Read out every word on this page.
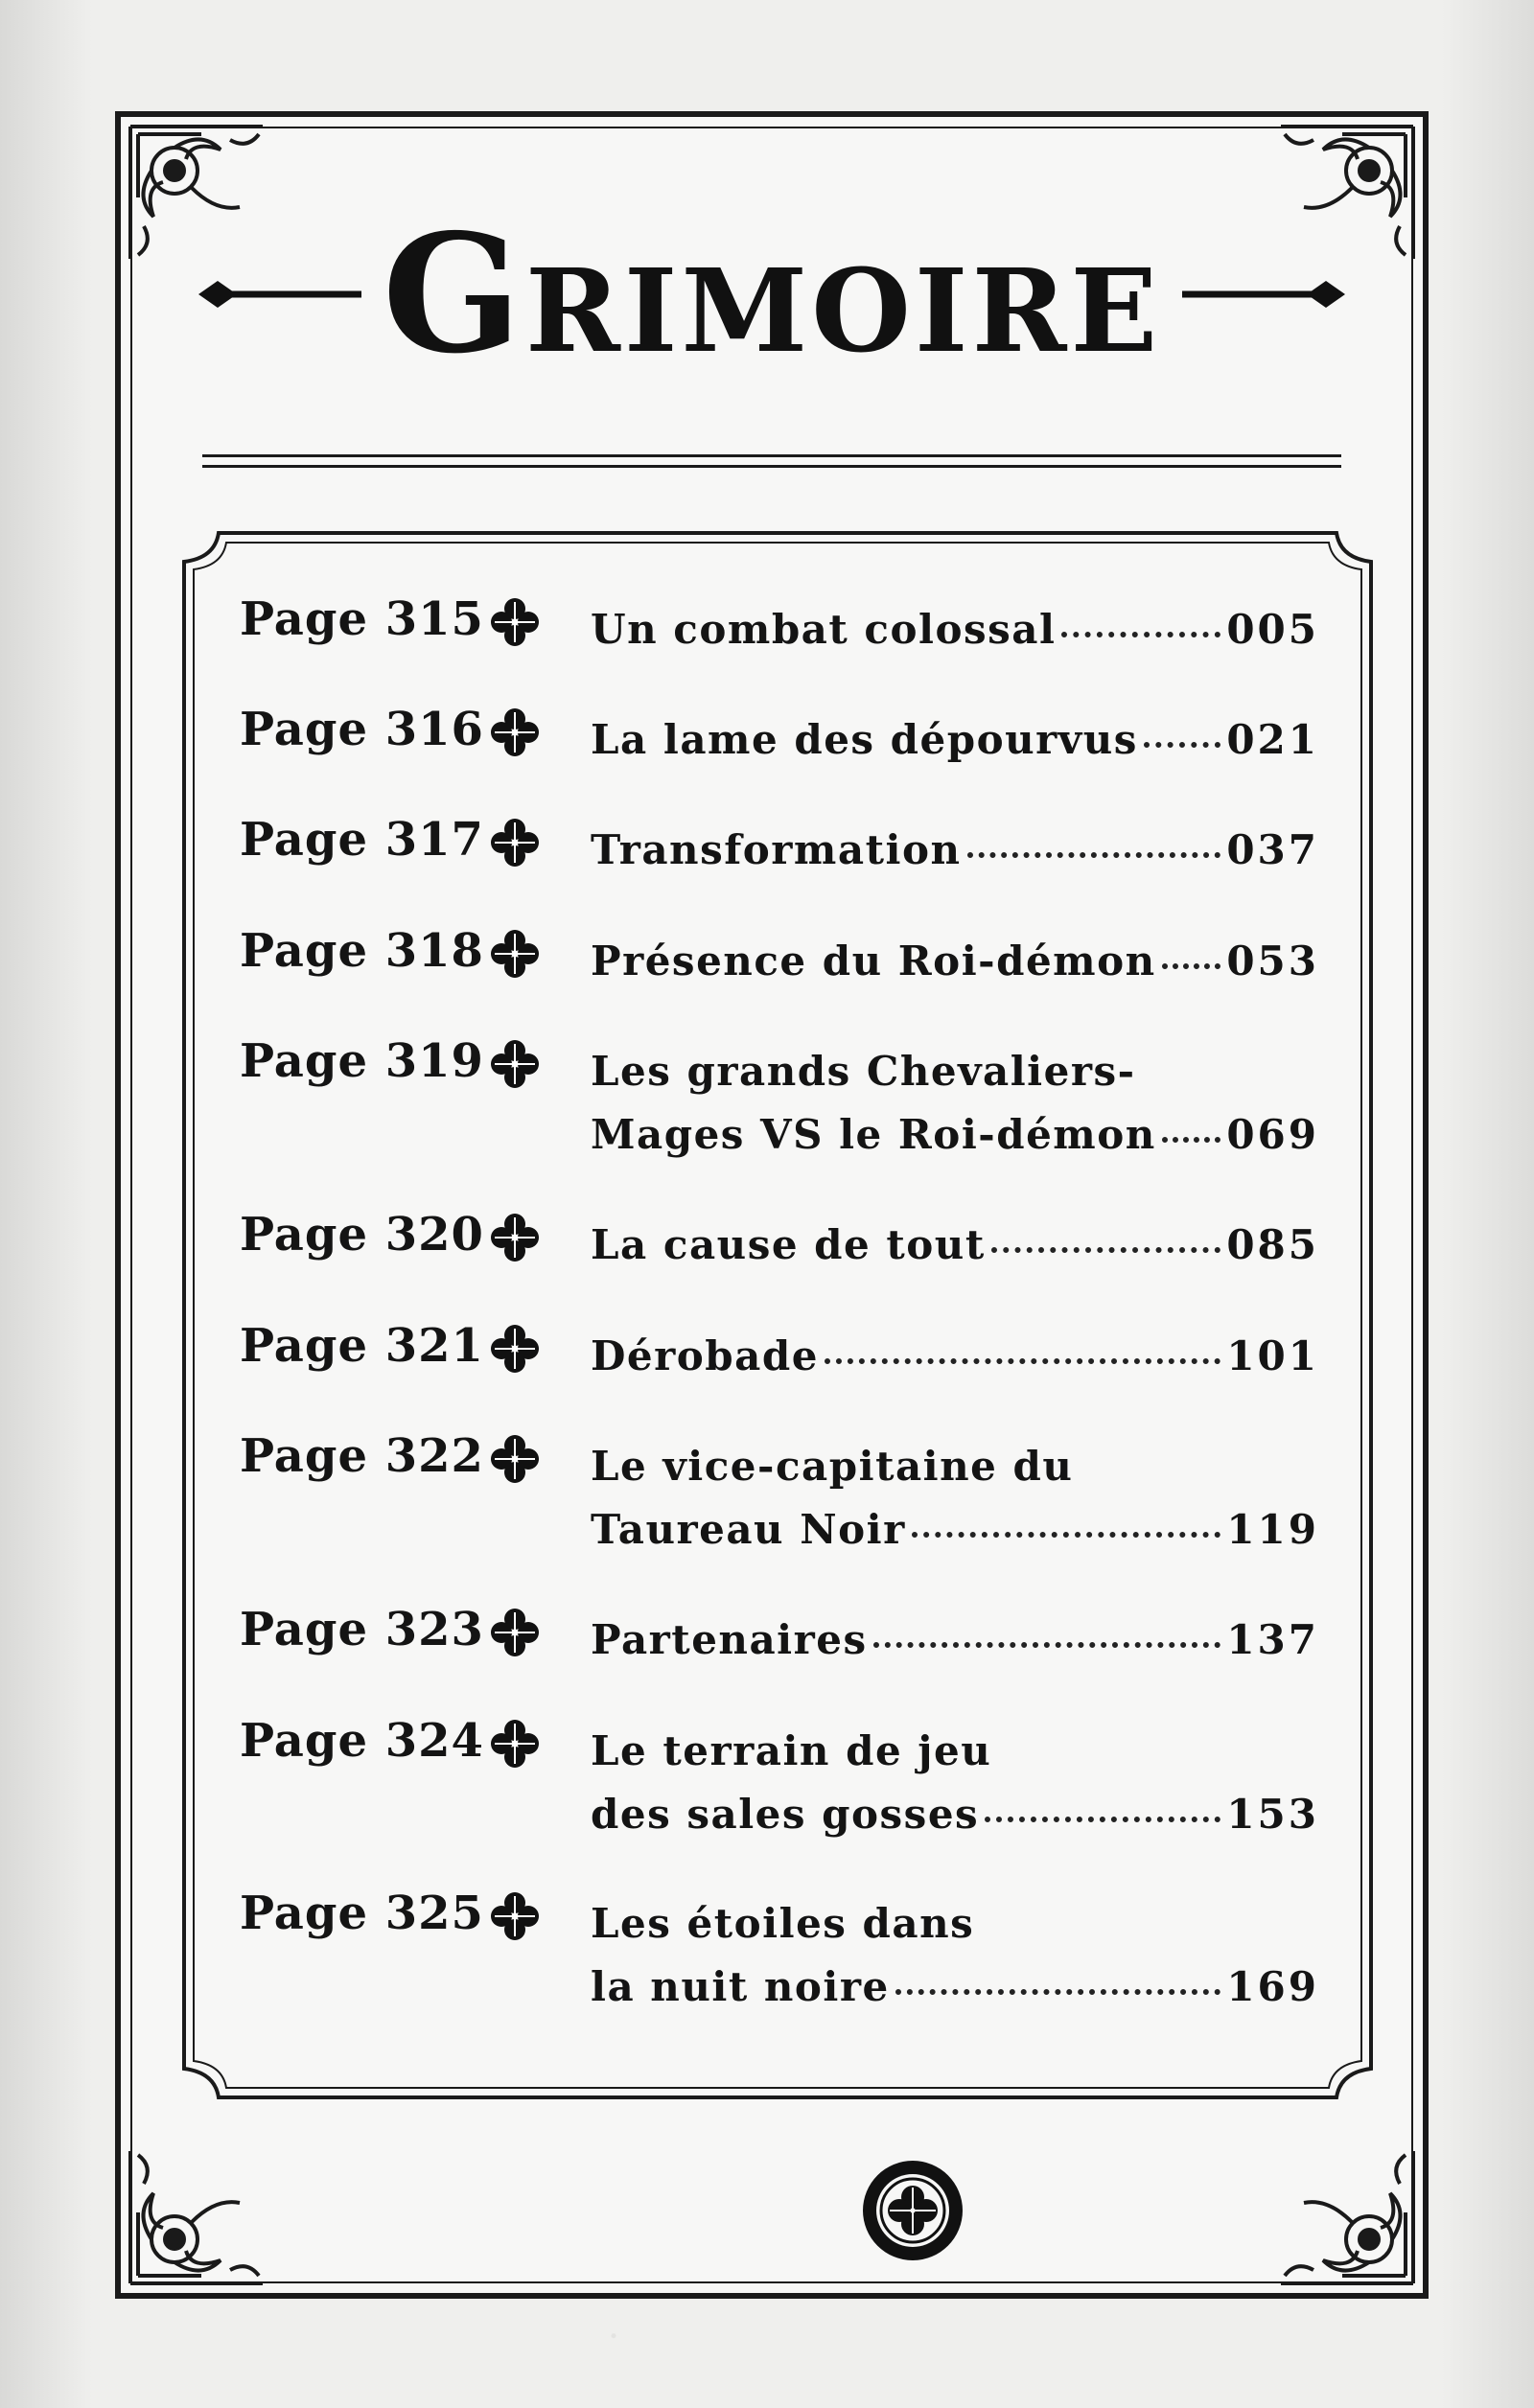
Grimoire
Page 315	Un combat colossal	005
Page 316	La lame des dépourvus 021
Page 317	Transformation	037
Page 318	Présence du Roi-démon 053
Page 319	Les grands Chevaliers-
Mages VS le Roi-démon 069
Page 320	La cause de tout	085
Page 321	Dérobade	101
Page 322	Le vice-capitaine du
Taureau Noir	119
Page 323	Partenaires	137
Page 324	Le terrain de jeu
des sales gosses	153
Page 325	Les étoiles dans
la nuit noire	169
